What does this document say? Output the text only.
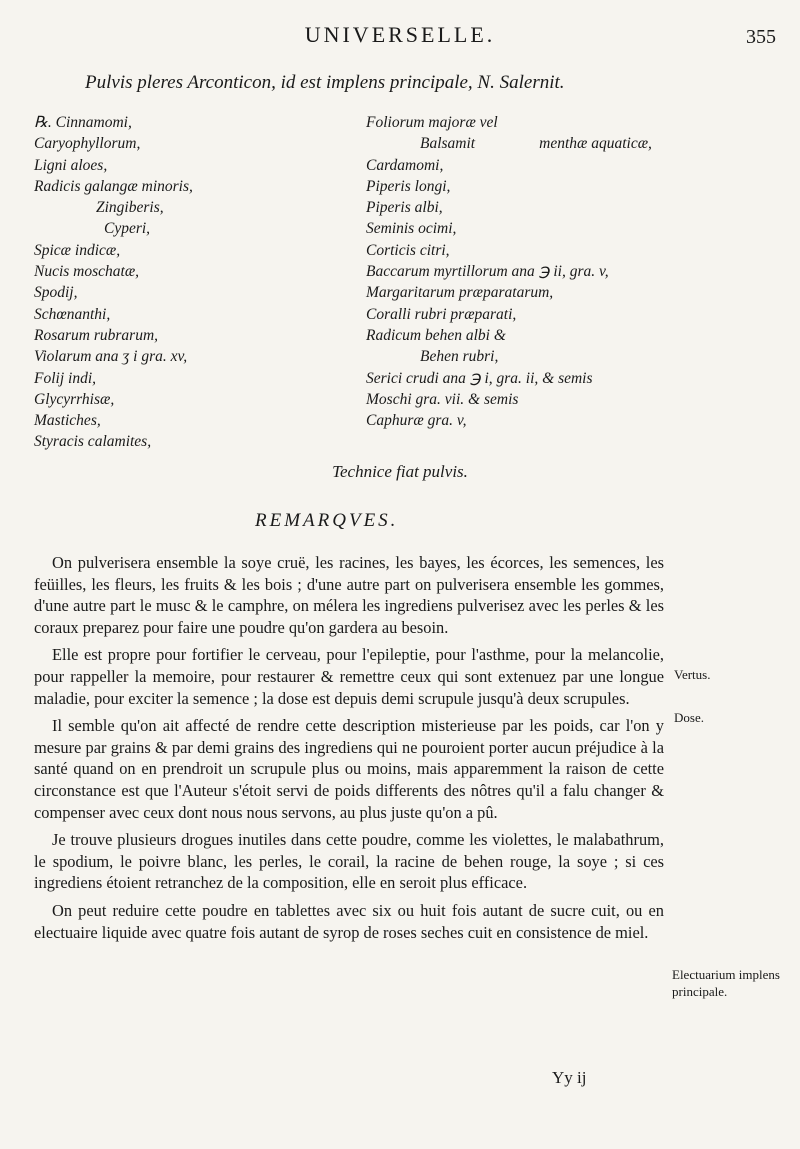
UNIVERSELLE.	355
Pulvis pleres Arconticon, id est implens principale, N. Salernit.
℞. Cinnamomi,
Caryophyllorum,
Ligni aloes,
Radicis galangæ minoris,
Zingiberis,
Cyperi,
Spicæ indicæ,
Nucis moschatæ,
Spodij,
Schœnanthi,
Rosarum rubrarum,
Violarum ana ʒ i gra. xv,
Folij indi,
Glycyrrhisæ,
Mastiches,
Styracis calamites,
Foliorum majoræ vel
Balsamit	menthæ aquaticæ,
Cardamomi,
Piperis longi,
Piperis albi,
Seminis ocimi,
Corticis citri,
Baccarum myrtillorum ana ℈ ii, gra. v,
Margaritarum præparatarum,
Coralli rubri præparati,
Radicum behen albi &
Behen rubri,
Serici crudi ana ℈ i, gra. ii, & semis
Moschi gra. vii. & semis
Caphuræ gra. v,
Technice fiat pulvis.
REMARQVES.

On pulverisera ensemble la soye cruë, les racines, les bayes, les écorces, les semences, les feüilles, les fleurs, les fruits & les bois ; d'une autre part on pulverisera ensemble les gommes, d'une autre part le musc & le camphre, on mélera les ingrediens pulverisez avec les perles & les coraux preparez pour faire une poudre qu'on gardera au besoin.

Elle est propre pour fortifier le cerveau, pour l'epileptie, pour l'asthme, pour la melancolie, pour rappeller la memoire, pour restaurer & remettre ceux qui sont extenuez par une longue maladie, pour exciter la semence ; la dose est depuis demi scrupule jusqu'à deux scrupules.

Il semble qu'on ait affecté de rendre cette description misterieuse par les poids, car l'on y mesure par grains & par demi grains des ingrediens qui ne pouroient porter aucun préjudice à la santé quand on en prendroit un scrupule plus ou moins, mais apparemment la raison de cette circonstance est que l'Auteur s'étoit servi de poids differents des nôtres qu'il a falu changer & compenser avec ceux dont nous nous servons, au plus juste qu'on a pû.

Je trouve plusieurs drogues inutiles dans cette poudre, comme les violettes, le malabathrum, le spodium, le poivre blanc, les perles, le corail, la racine de behen rouge, la soye ; si ces ingrediens étoient retranchez de la composition, elle en seroit plus efficace.

On peut reduire cette poudre en tablettes avec six ou huit fois autant de sucre cuit, ou en electuaire liquide avec quatre fois autant de syrop de roses seches cuit en consistence de miel.

Vertus.
Dose.
Electuarium implens principale.
Yy ij
